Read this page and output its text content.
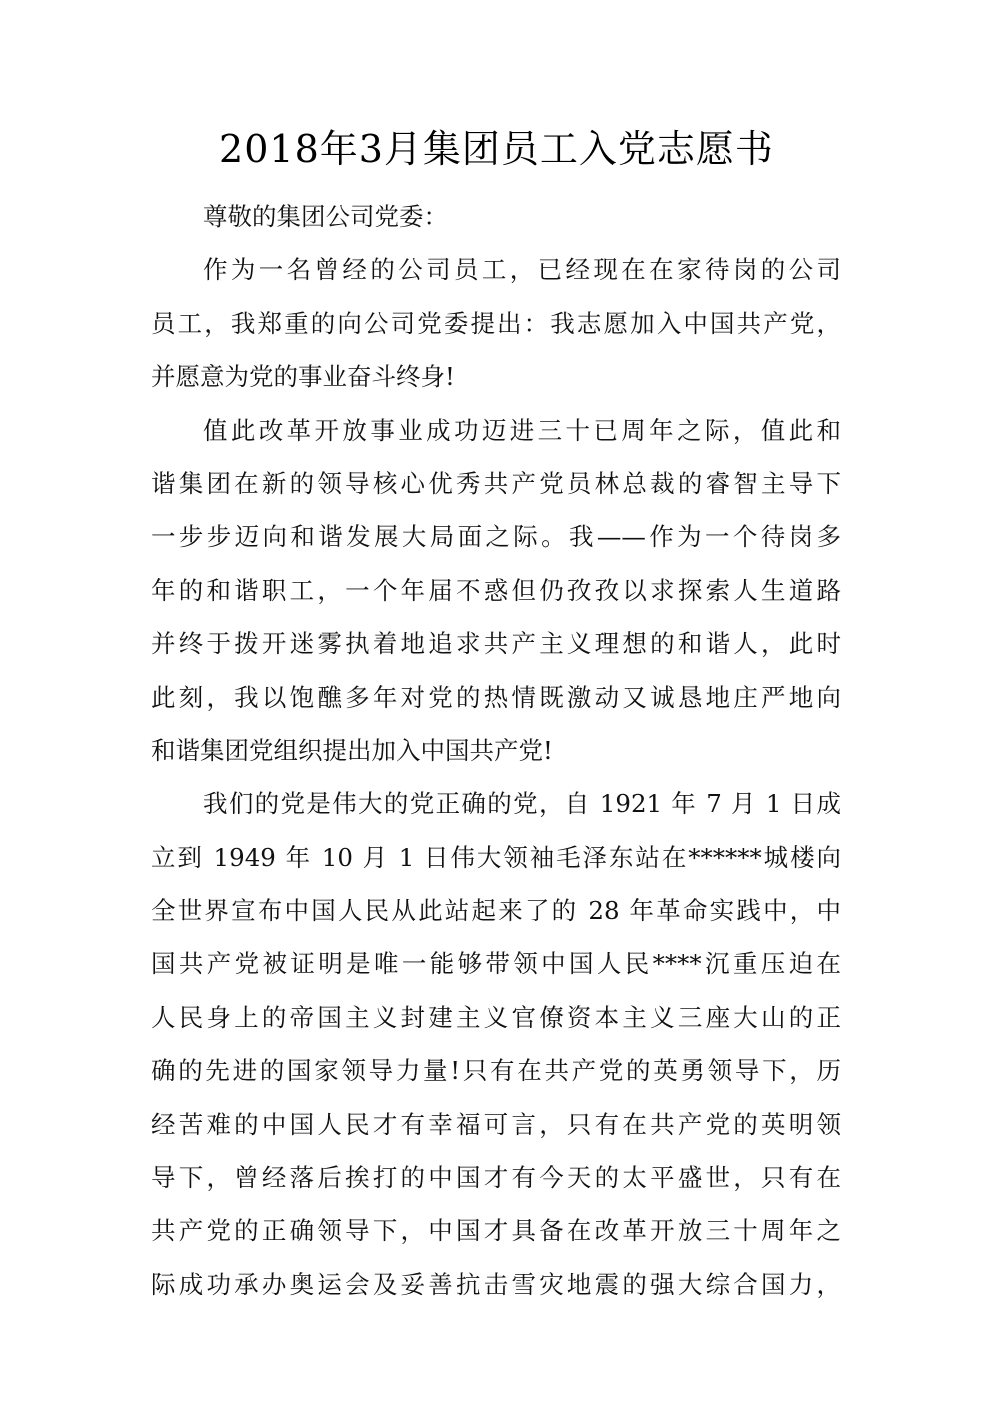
2018年3月集团员工入党志愿书
尊敬的集团公司党委：
作为一名曾经的公司员工，已经现在在家待岗的公司
员工，我郑重的向公司党委提出：我志愿加入中国共产党，
并愿意为党的事业奋斗终身!
值此改革开放事业成功迈进三十已周年之际，值此和
谐集团在新的领导核心优秀共产党员林总裁的睿智主导下
一步步迈向和谐发展大局面之际。我——作为一个待岗多
年的和谐职工，一个年届不惑但仍孜孜以求探索人生道路
并终于拨开迷雾执着地追求共产主义理想的和谐人，此时
此刻，我以饱醮多年对党的热情既激动又诚恳地庄严地向
和谐集团党组织提出加入中国共产党!
我们的党是伟大的党正确的党，自 1921 年 7 月 1 日成
立到 1949 年 10 月 1 日伟大领袖毛泽东站在******城楼向
全世界宣布中国人民从此站起来了的 28 年革命实践中，中
国共产党被证明是唯一能够带领中国人民****沉重压迫在
人民身上的帝国主义封建主义官僚资本主义三座大山的正
确的先进的国家领导力量!只有在共产党的英勇领导下，历
经苦难的中国人民才有幸福可言，只有在共产党的英明领
导下，曾经落后挨打的中国才有今天的太平盛世，只有在
共产党的正确领导下，中国才具备在改革开放三十周年之
际成功承办奥运会及妥善抗击雪灾地震的强大综合国力，
